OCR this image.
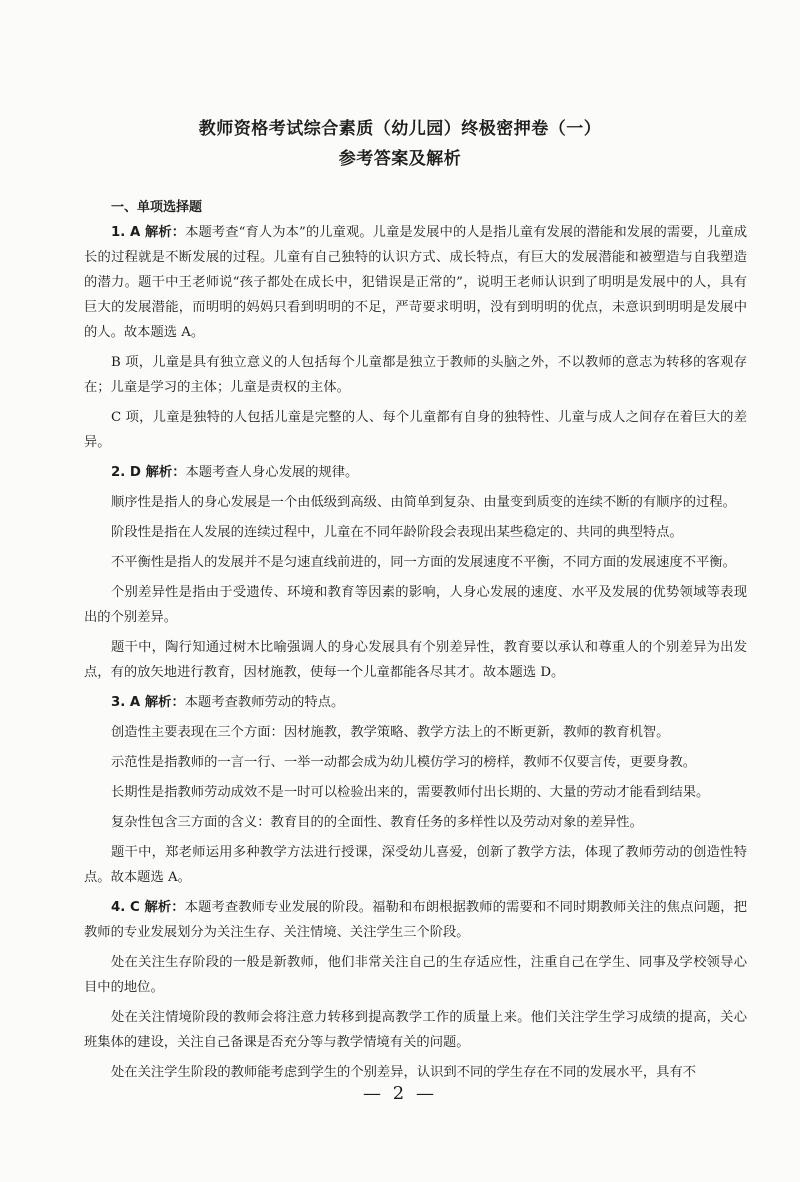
教师资格考试综合素质（幼儿园）终极密押卷（一）
参考答案及解析

一、单项选择题

1. A 解析：本题考查“育人为本”的儿童观。儿童是发展中的人是指儿童有发展的潜能和发展的需要，儿童成长的过程就是不断发展的过程。儿童有自己独特的认识方式、成长特点，有巨大的发展潜能和被塑造与自我塑造的潜力。题干中王老师说“孩子都处在成长中，犯错误是正常的”，说明王老师认识到了明明是发展中的人，具有巨大的发展潜能，而明明的妈妈只看到明明的不足，严苛要求明明，没有到明明的优点，未意识到明明是发展中的人。故本题选 A。

B 项，儿童是具有独立意义的人包括每个儿童都是独立于教师的头脑之外，不以教师的意志为转移的客观存在；儿童是学习的主体；儿童是责权的主体。

C 项，儿童是独特的人包括儿童是完整的人、每个儿童都有自身的独特性、儿童与成人之间存在着巨大的差异。

2. D 解析：本题考查人身心发展的规律。

顺序性是指人的身心发展是一个由低级到高级、由简单到复杂、由量变到质变的连续不断的有顺序的过程。

阶段性是指在人发展的连续过程中，儿童在不同年龄阶段会表现出某些稳定的、共同的典型特点。

不平衡性是指人的发展并不是匀速直线前进的，同一方面的发展速度不平衡，不同方面的发展速度不平衡。

个别差异性是指由于受遗传、环境和教育等因素的影响，人身心发展的速度、水平及发展的优势领域等表现出的个别差异。

题干中，陶行知通过树木比喻强调人的身心发展具有个别差异性，教育要以承认和尊重人的个别差异为出发点，有的放矢地进行教育，因材施教，使每一个儿童都能各尽其才。故本题选 D。

3. A 解析：本题考查教师劳动的特点。

创造性主要表现在三个方面：因材施教，教学策略、教学方法上的不断更新，教师的教育机智。

示范性是指教师的一言一行、一举一动都会成为幼儿模仿学习的榜样，教师不仅要言传，更要身教。

长期性是指教师劳动成效不是一时可以检验出来的，需要教师付出长期的、大量的劳动才能看到结果。

复杂性包含三方面的含义：教育目的的全面性、教育任务的多样性以及劳动对象的差异性。

题干中，郑老师运用多种教学方法进行授课，深受幼儿喜爱，创新了教学方法，体现了教师劳动的创造性特点。故本题选 A。

4. C 解析：本题考查教师专业发展的阶段。福勒和布朗根据教师的需要和不同时期教师关注的焦点问题，把教师的专业发展划分为关注生存、关注情境、关注学生三个阶段。

处在关注生存阶段的一般是新教师，他们非常关注自己的生存适应性，注重自己在学生、同事及学校领导心目中的地位。

处在关注情境阶段的教师会将注意力转移到提高教学工作的质量上来。他们关注学生学习成绩的提高，关心班集体的建设，关注自己备课是否充分等与教学情境有关的问题。

处在关注学生阶段的教师能考虑到学生的个别差异，认识到不同的学生存在不同的发展水平，具有不

— 2 —
